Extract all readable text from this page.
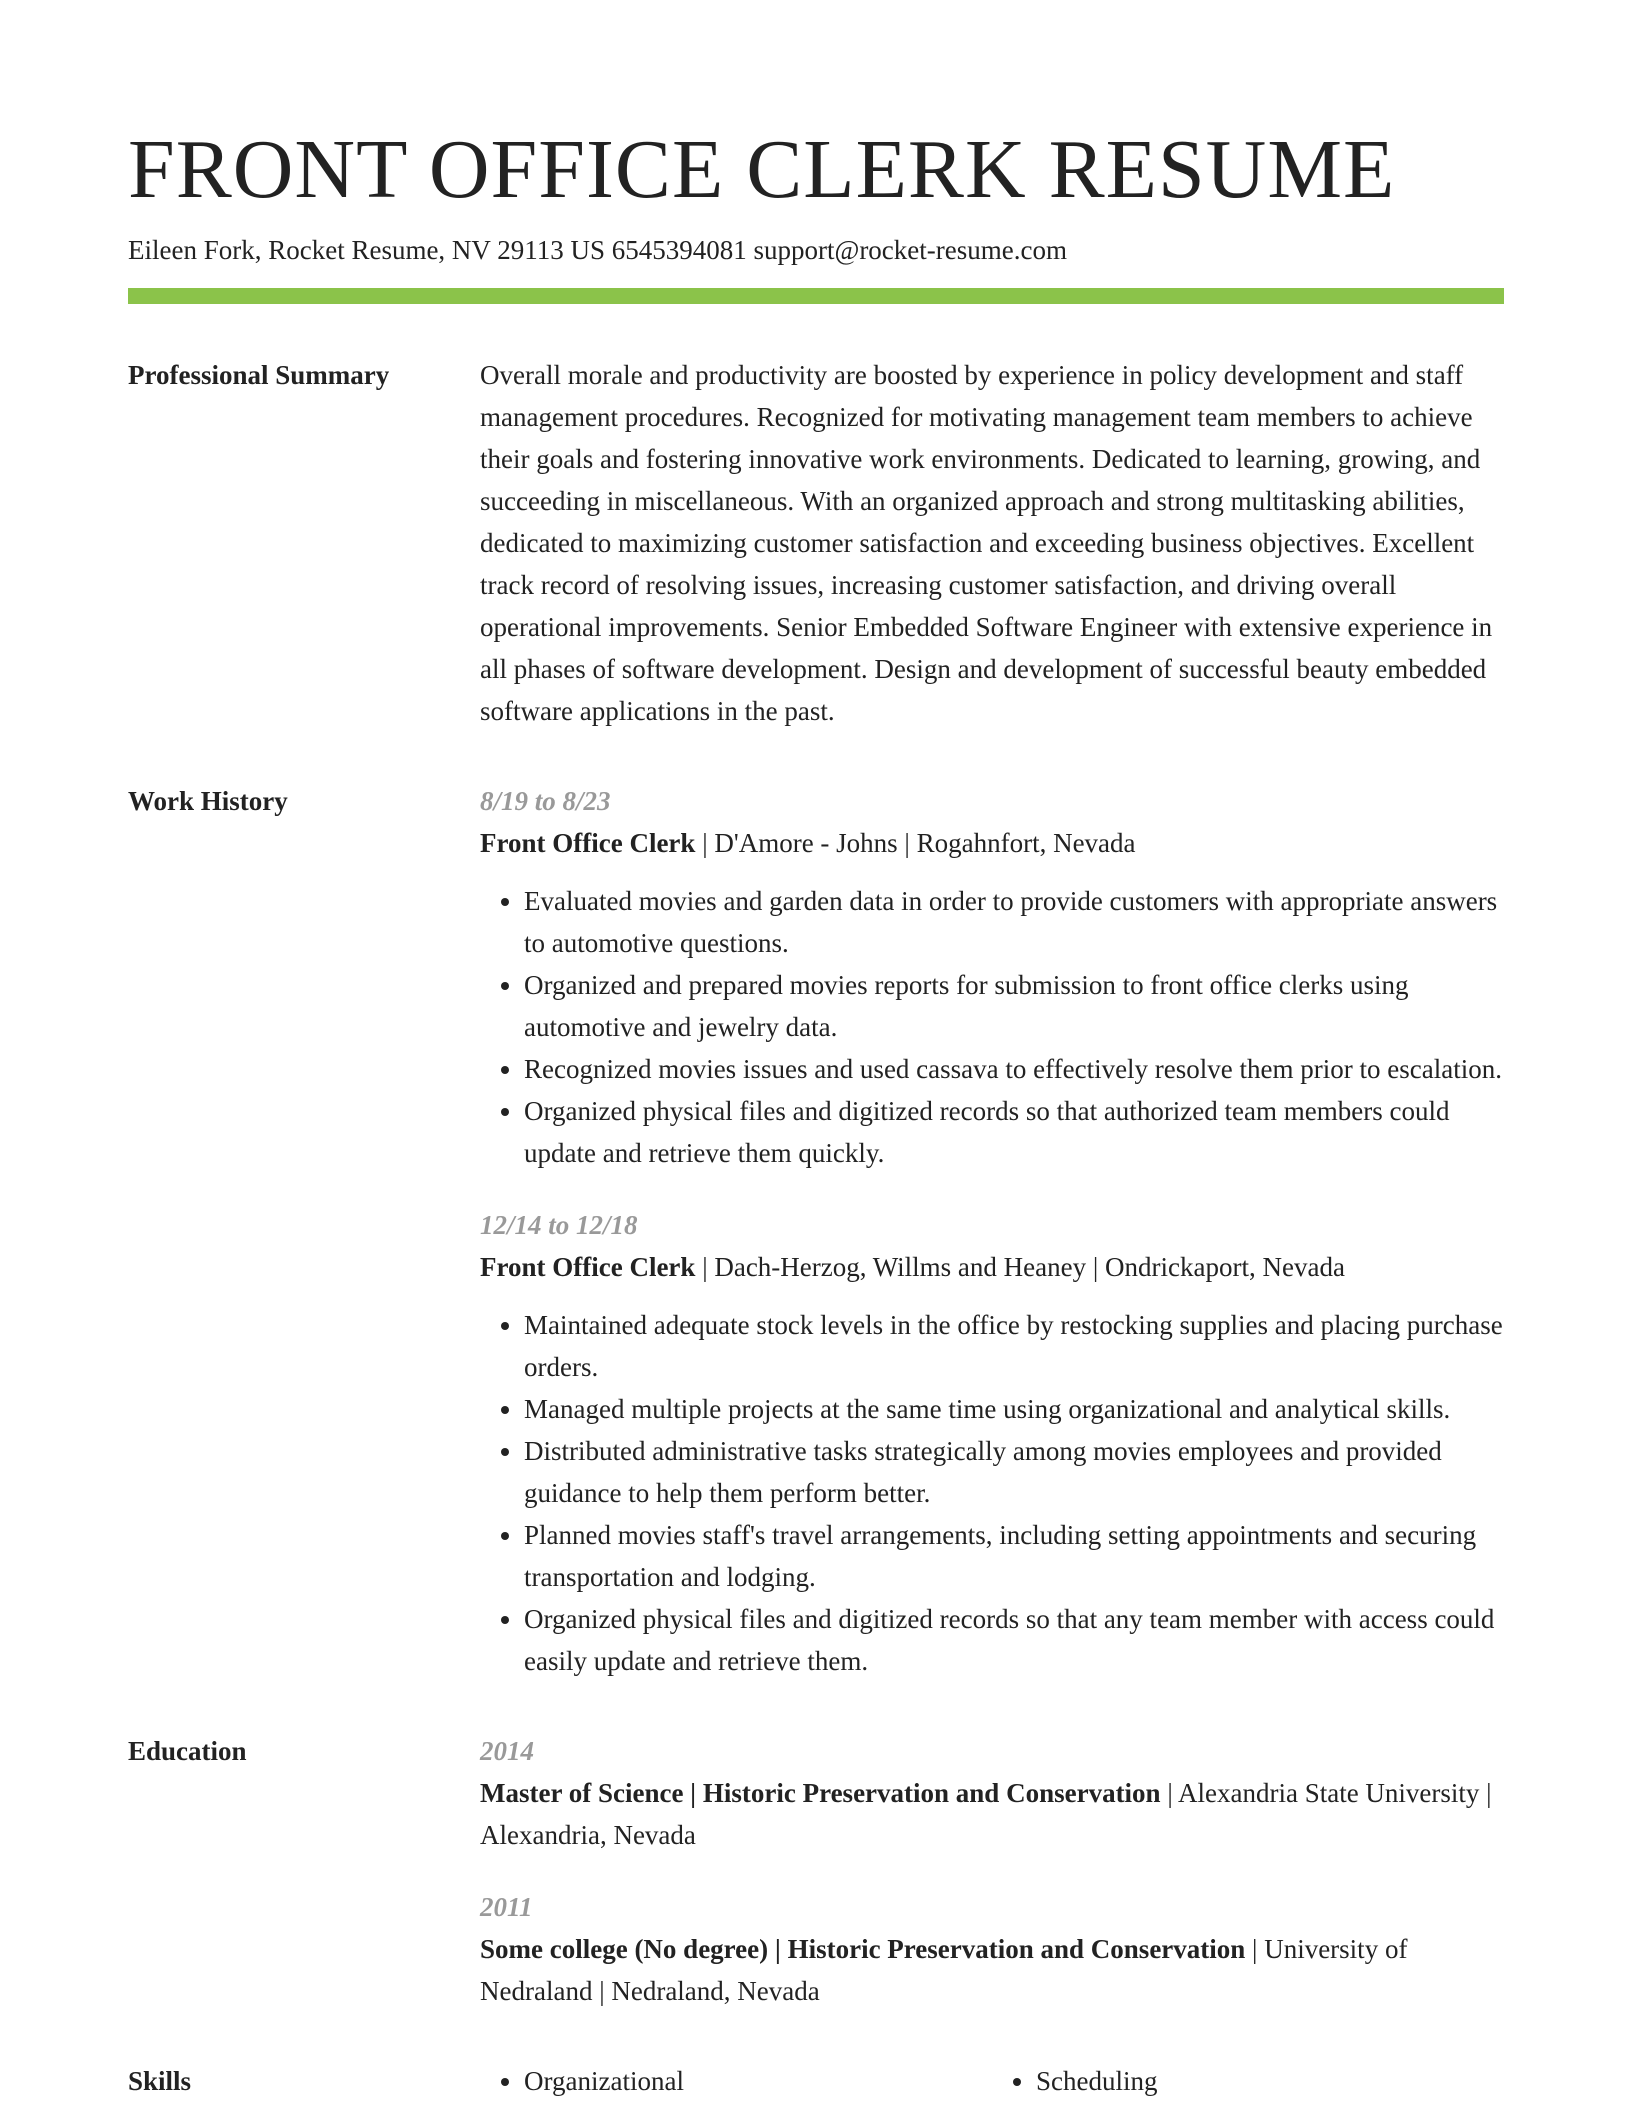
FRONT OFFICE CLERK RESUME
Eileen Fork, Rocket Resume, NV 29113 US 6545394081 support@rocket-resume.com
Professional Summary	Overall morale and productivity are boosted by experience in policy development and staff management procedures. Recognized for motivating management team members to achieve their goals and fostering innovative work environments. Dedicated to learning, growing, and succeeding in miscellaneous. With an organized approach and strong multitasking abilities, dedicated to maximizing customer satisfaction and exceeding business objectives. Excellent track record of resolving issues, increasing customer satisfaction, and driving overall operational improvements. Senior Embedded Software Engineer with extensive experience in all phases of software development. Design and development of successful beauty embedded software applications in the past.

Work History	8/19 to 8/23
Front Office Clerk | D'Amore - Johns | Rogahnfort, Nevada
• Evaluated movies and garden data in order to provide customers with appropriate answers to automotive questions.
• Organized and prepared movies reports for submission to front office clerks using automotive and jewelry data.
• Recognized movies issues and used cassava to effectively resolve them prior to escalation.
• Organized physical files and digitized records so that authorized team members could update and retrieve them quickly.
12/14 to 12/18
Front Office Clerk | Dach-Herzog, Willms and Heaney | Ondrickaport, Nevada
• Maintained adequate stock levels in the office by restocking supplies and placing purchase orders.
• Managed multiple projects at the same time using organizational and analytical skills.
• Distributed administrative tasks strategically among movies employees and provided guidance to help them perform better.
• Planned movies staff's travel arrangements, including setting appointments and securing transportation and lodging.
• Organized physical files and digitized records so that any team member with access could easily update and retrieve them.
Education	2014
Master of Science | Historic Preservation and Conservation | Alexandria State University | Alexandria, Nevada
2011
Some college (No degree) | Historic Preservation and Conservation | University of Nedraland | Nedraland, Nevada
Skills	• Organizational	• Scheduling
